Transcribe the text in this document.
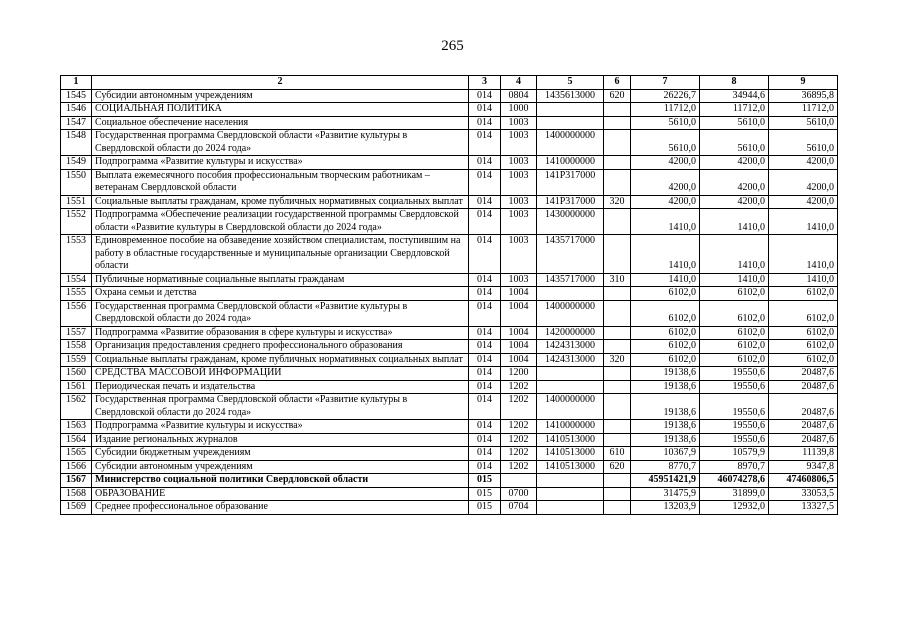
265
1	2	3	4	5	6	7	8	9
1545	Субсидии автономным учреждениям	014	0804	1435613000	620	26226,7	34944,6	36895,8
1546	СОЦИАЛЬНАЯ ПОЛИТИКА	014	1000			11712,0	11712,0	11712,0
1547	Социальное обеспечение населения	014	1003			5610,0	5610,0	5610,0
1548	Государственная программа Свердловской области «Развитие культуры в Свердловской области до 2024 года»	014	1003	1400000000		5610,0	5610,0	5610,0
1549	Подпрограмма «Развитие культуры и искусства»	014	1003	1410000000		4200,0	4200,0	4200,0
1550	Выплата ежемесячного пособия профессиональным творческим работникам – ветеранам Свердловской области	014	1003	141P317000		4200,0	4200,0	4200,0
1551	Социальные выплаты гражданам, кроме публичных нормативных социальных выплат	014	1003	141P317000	320	4200,0	4200,0	4200,0
1552	Подпрограмма «Обеспечение реализации государственной программы Свердловской области «Развитие культуры в Свердловской области до 2024 года»	014	1003	1430000000		1410,0	1410,0	1410,0
1553	Единовременное пособие на обзаведение хозяйством специалистам, поступившим на работу в областные государственные и муниципальные организации Свердловской области	014	1003	1435717000		1410,0	1410,0	1410,0
1554	Публичные нормативные социальные выплаты гражданам	014	1003	1435717000	310	1410,0	1410,0	1410,0
1555	Охрана семьи и детства	014	1004			6102,0	6102,0	6102,0
1556	Государственная программа Свердловской области «Развитие культуры в Свердловской области до 2024 года»	014	1004	1400000000		6102,0	6102,0	6102,0
1557	Подпрограмма «Развитие образования в сфере культуры и искусства»	014	1004	1420000000		6102,0	6102,0	6102,0
1558	Организация предоставления среднего профессионального образования	014	1004	1424313000		6102,0	6102,0	6102,0
1559	Социальные выплаты гражданам, кроме публичных нормативных социальных выплат	014	1004	1424313000	320	6102,0	6102,0	6102,0
1560	СРЕДСТВА МАССОВОЙ ИНФОРМАЦИИ	014	1200			19138,6	19550,6	20487,6
1561	Периодическая печать и издательства	014	1202			19138,6	19550,6	20487,6
1562	Государственная программа Свердловской области «Развитие культуры в Свердловской области до 2024 года»	014	1202	1400000000		19138,6	19550,6	20487,6
1563	Подпрограмма «Развитие культуры и искусства»	014	1202	1410000000		19138,6	19550,6	20487,6
1564	Издание региональных журналов	014	1202	1410513000		19138,6	19550,6	20487,6
1565	Субсидии бюджетным учреждениям	014	1202	1410513000	610	10367,9	10579,9	11139,8
1566	Субсидии автономным учреждениям	014	1202	1410513000	620	8770,7	8970,7	9347,8
1567	Министерство социальной политики Свердловской области	015				45951421,9	46074278,6	47460806,5
1568	ОБРАЗОВАНИЕ	015	0700			31475,9	31899,0	33053,5
1569	Среднее профессиональное образование	015	0704			13203,9	12932,0	13327,5
